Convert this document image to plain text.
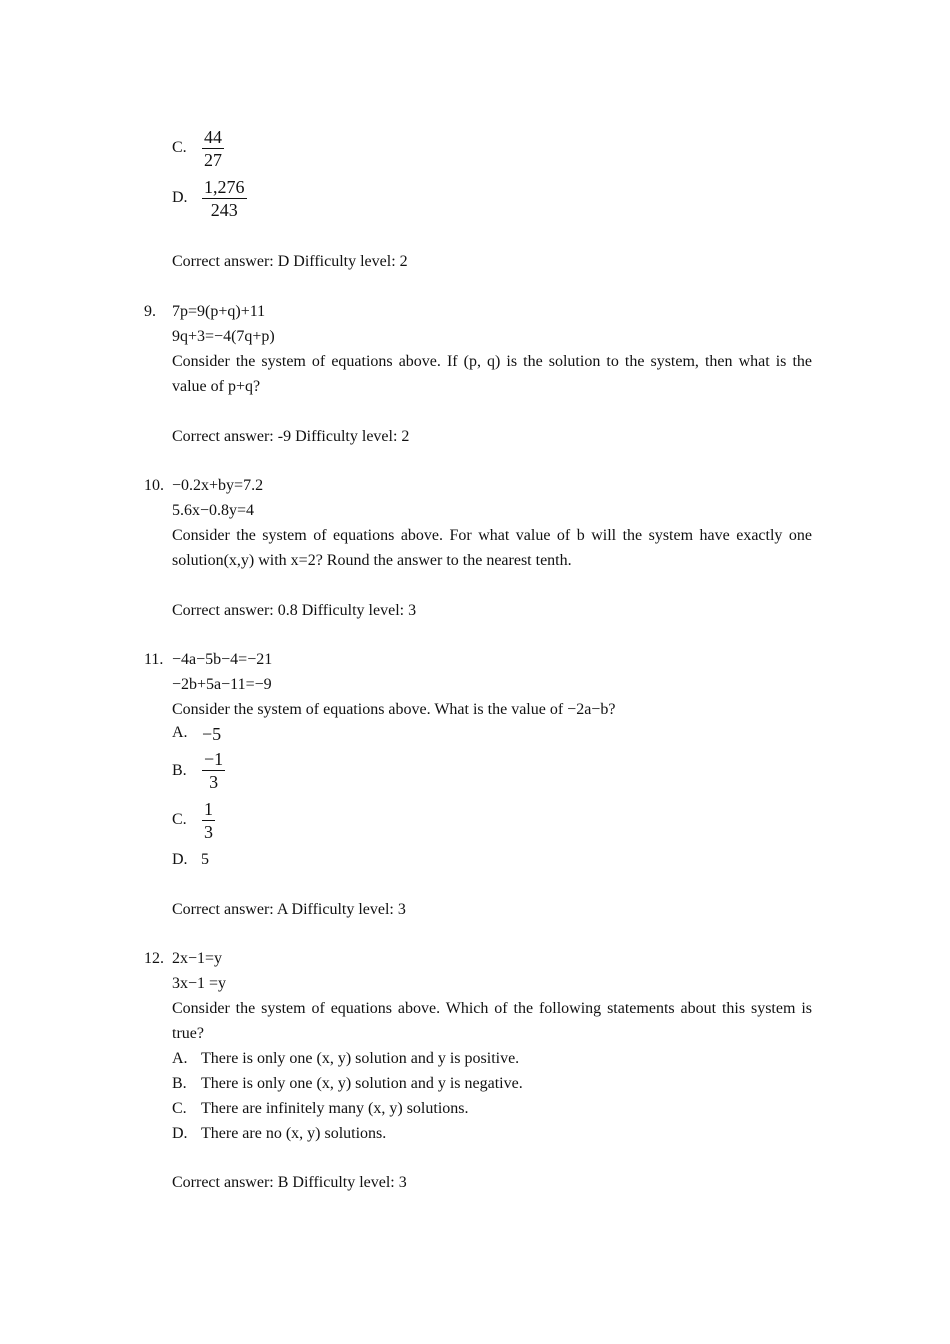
C. $\frac{44}{27}$
D. $\frac{1,276}{243}$
Correct answer: D Difficulty level: 2
9. 7p=9(p+q)+11
9q+3=−4(7q+p)
Consider the system of equations above. If (p, q) is the solution to the system, then what is the value of p+q?
Correct answer: -9 Difficulty level: 2
10. −0.2x+by=7.2
5.6x−0.8y=4
Consider the system of equations above. For what value of b will the system have exactly one solution(x,y) with x=2? Round the answer to the nearest tenth.
Correct answer: 0.8 Difficulty level: 3
11. −4a−5b−4=−21
−2b+5a−11=−9
Consider the system of equations above. What is the value of −2a−b?
A. −5
B. $\frac{-1}{3}$
C. $\frac{1}{3}$
D. 5
Correct answer: A Difficulty level: 3
12. 2x−1=y
3x−1 =y
Consider the system of equations above. Which of the following statements about this system is true?
A. There is only one (x, y) solution and y is positive.
B. There is only one (x, y) solution and y is negative.
C. There are infinitely many (x, y) solutions.
D. There are no (x, y) solutions.
Correct answer: B Difficulty level: 3
